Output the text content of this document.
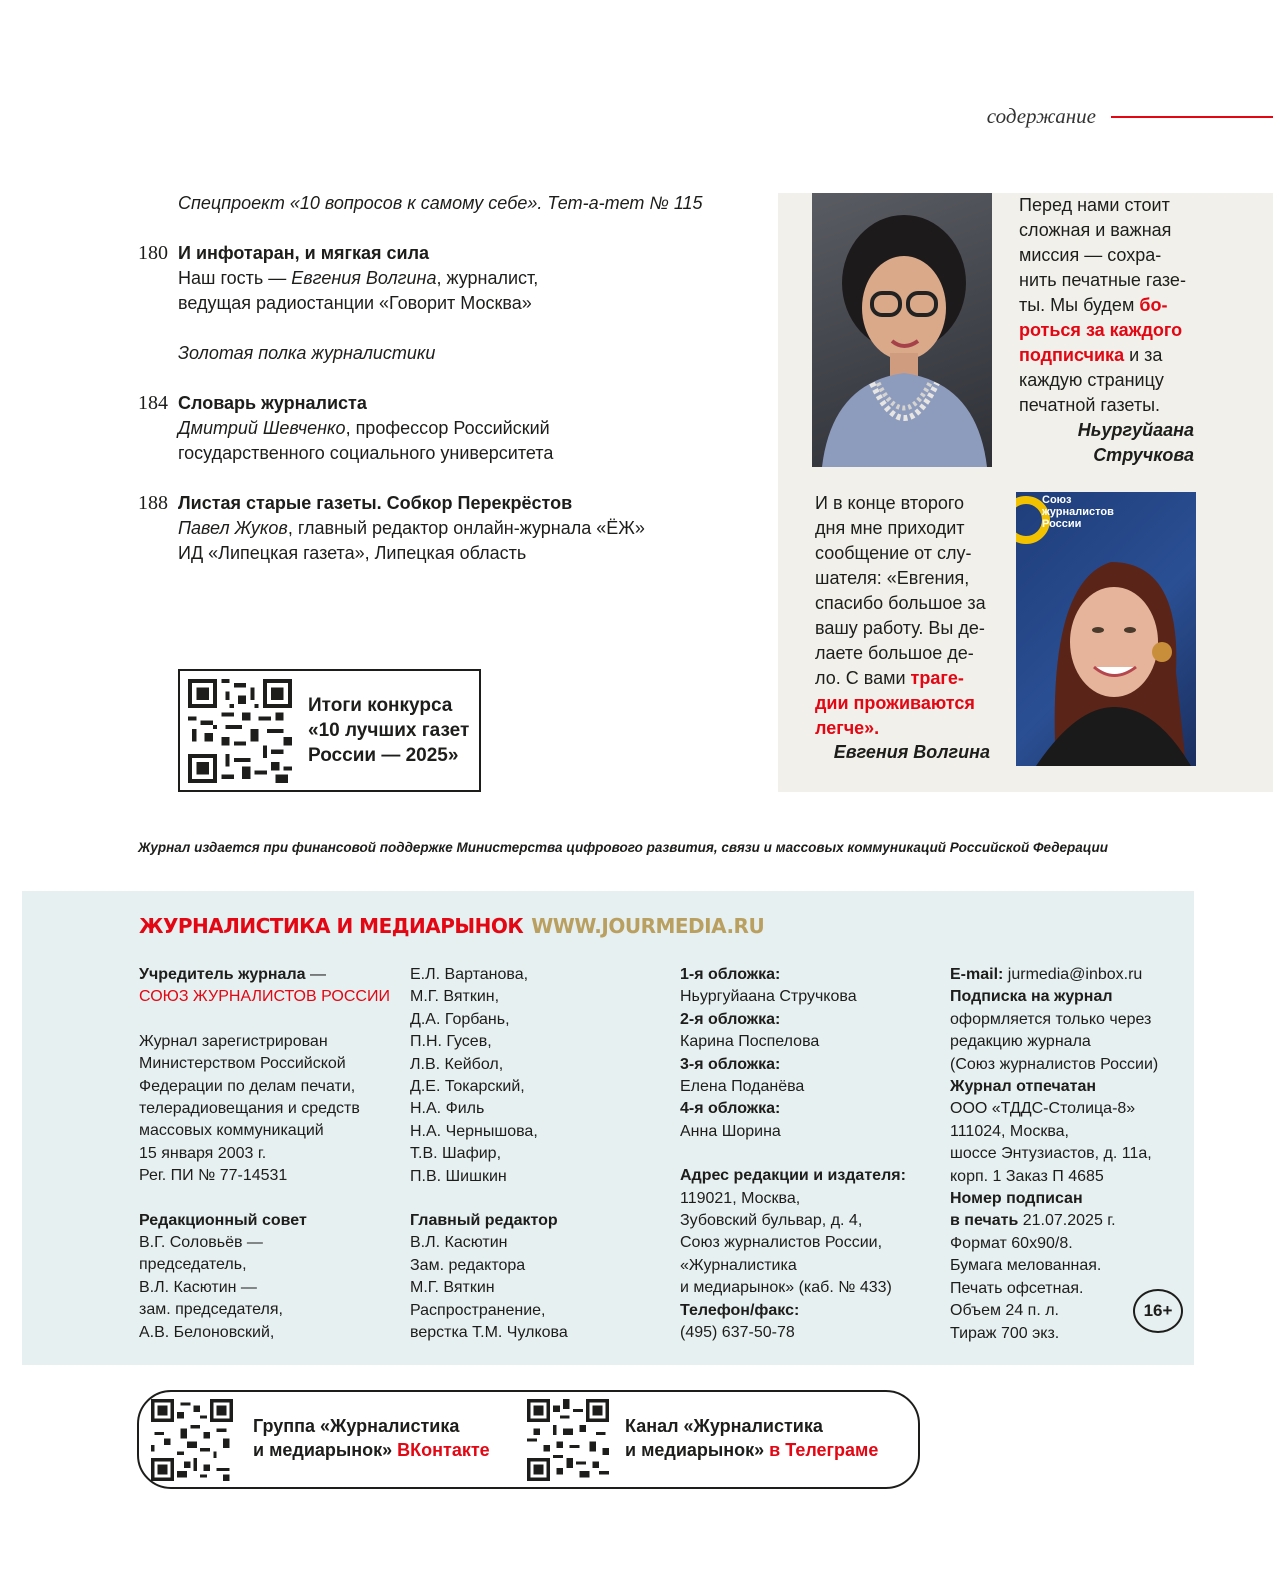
содержание
Спецпроект «10 вопросов к самому себе». Тет-а-тет № 115
180 И инфотаран, и мягкая сила
Наш гость — Евгения Волгина, журналист,
ведущая радиостанции «Говорит Москва»
Золотая полка журналистики
184 Словарь журналиста
Дмитрий Шевченко, профессор Российский
государственного социального университета
188 Листая старые газеты. Собкор Перекрёстов
Павел Жуков, главный редактор онлайн-журнала «ЁЖ»
ИД «Липецкая газета», Липецкая область
Итоги конкурса
«10 лучших газет
России — 2025»
Перед нами стоит
сложная и важная
миссия — сохра-
нить печатные газе-
ты. Мы будем бо-
роться за каждого
подписчика и за
каждую страницу
печатной газеты.
Ньургуйаана
Стручкова
И в конце второго
дня мне приходит
сообщение от слу-
шателя: «Евгения,
спасибо большое за
вашу работу. Вы де-
лаете большое де-
ло. С вами траге-
дии проживаются
легче».
Евгения Волгина
Союз
журналистов
России
Журнал издается при финансовой поддержке Министерства цифрового развития, связи и массовых коммуникаций Российской Федерации
ЖУРНАЛИСТИКА И МЕДИАРЫНОК WWW.JOURMEDIA.RU
Учредитель журнала —
СОЮЗ ЖУРНАЛИСТОВ РОССИИ
Журнал зарегистрирован
Министерством Российской
Федерации по делам печати,
телерадиовещания и средств
массовых коммуникаций
15 января 2003 г.
Рег. ПИ № 77-14531
Редакционный совет
В.Г. Соловьёв —
председатель,
В.Л. Касютин —
зам. председателя,
А.В. Белоновский,
Е.Л. Вартанова,
М.Г. Вяткин,
Д.А. Горбань,
П.Н. Гусев,
Л.В. Кейбол,
Д.Е. Токарский,
Н.А. Филь
Н.А. Чернышова,
Т.В. Шафир,
П.В. Шишкин
Главный редактор
В.Л. Касютин
Зам. редактора
М.Г. Вяткин
Распространение,
верстка Т.М. Чулкова
1-я обложка:
Ньургуйаана Стручкова
2-я обложка:
Карина Поспелова
3-я обложка:
Елена Поданёва
4-я обложка:
Анна Шорина
Адрес редакции и издателя:
119021, Москва,
Зубовский бульвар, д. 4,
Союз журналистов России,
«Журналистика
и медиарынок» (каб. № 433)
Телефон/факс:
(495) 637-50-78
E-mail: jurmedia@inbox.ru
Подписка на журнал
оформляется только через
редакцию журнала
(Союз журналистов России)
Журнал отпечатан
ООО «ТДДС-Столица-8»
111024, Москва,
шоссе Энтузиастов, д. 11а,
корп. 1 Заказ П 4685
Номер подписан
в печать 21.07.2025 г.
Формат 60х90/8.
Бумага мелованная.
Печать офсетная.
Объем 24 п. л.
Тираж 700 экз.
16+
Группа «Журналистика
и медиарынок» ВКонтакте
Канал «Журналистика
и медиарынок» в Телеграме
